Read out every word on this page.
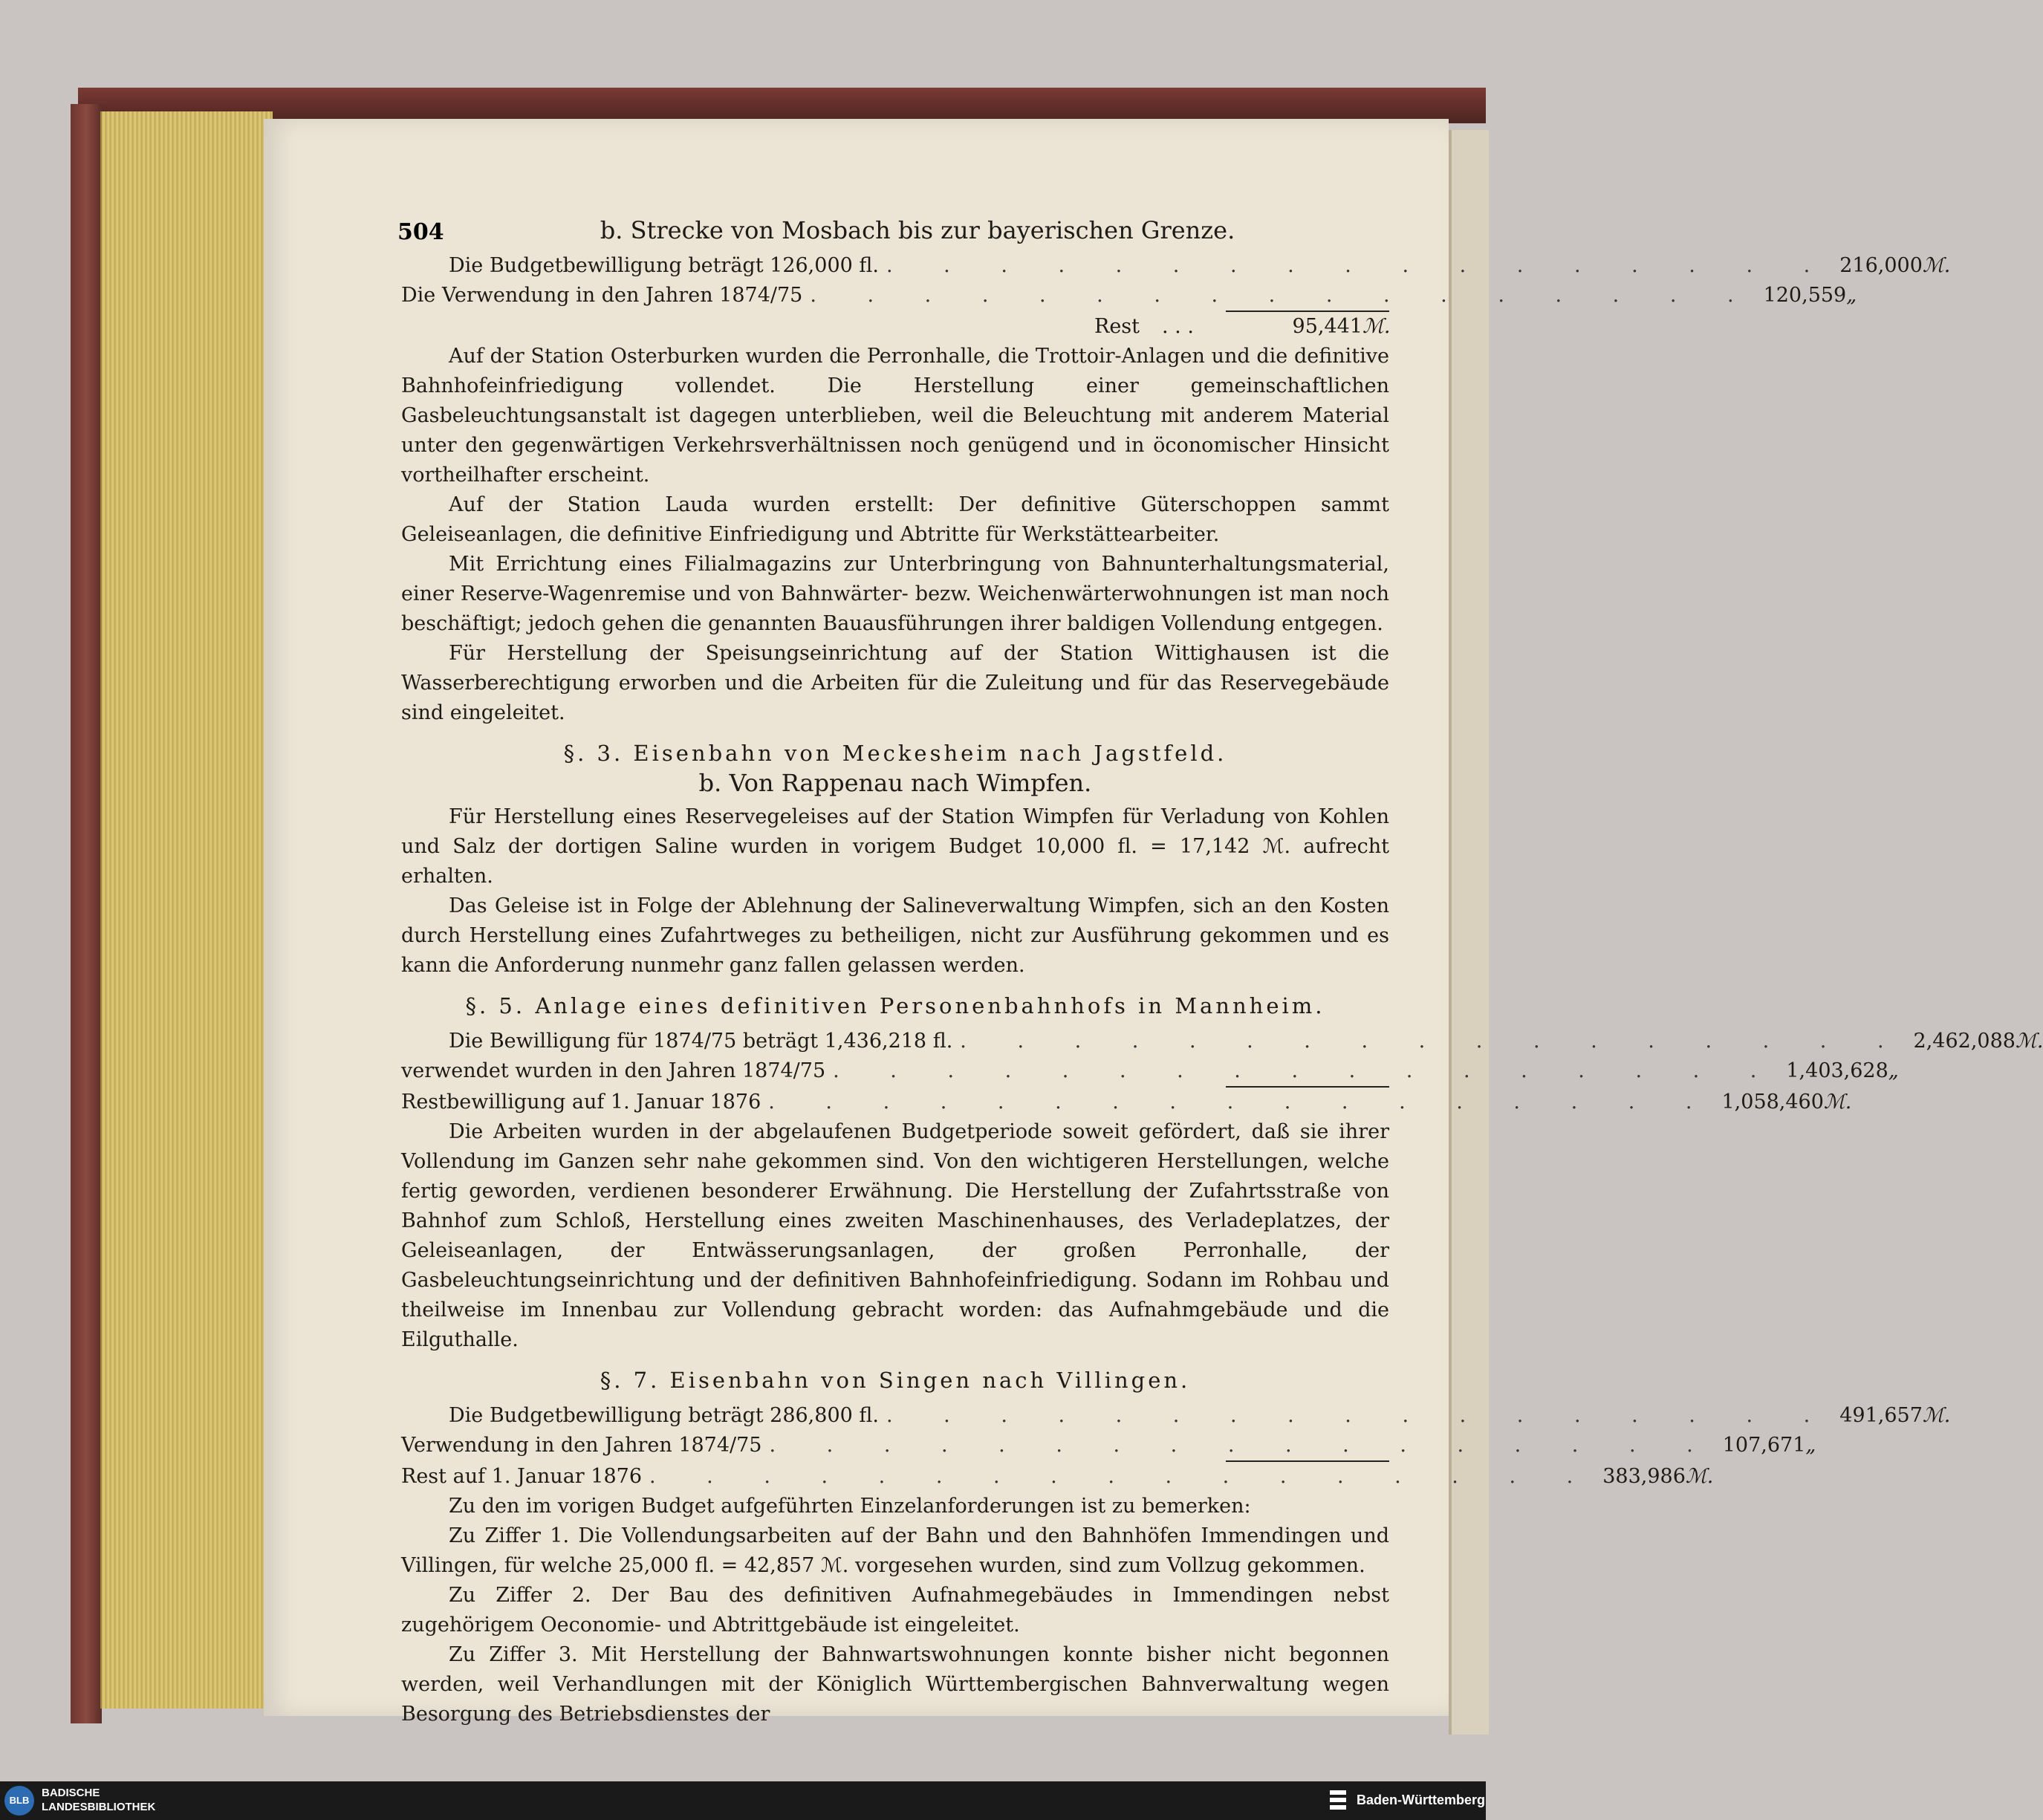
504	b. Strecke von Mosbach bis zur bayerischen Grenze.
Die Budgetbewilligung beträgt 126,000 fl. . . . . . . . . . . . . . . . . . 216,000 ℳ.
Die Verwendung in den Jahren 1874/75 . . . . . . . . . . . . . . . . . 120,559 „
Rest	. . .	95,441 ℳ.

Auf der Station Osterburken wurden die Perronhalle, die Trottoir-Anlagen und die definitive Bahnhofeinfriedigung vollendet. Die Herstellung einer gemeinschaftlichen Gasbeleuchtungsanstalt ist dagegen unterblieben, weil die Beleuchtung mit anderem Material unter den gegenwärtigen Verkehrsverhältnissen noch genügend und in öconomischer Hinsicht vortheilhafter erscheint.

Auf der Station Lauda wurden erstellt: Der definitive Güterschoppen sammt Geleiseanlagen, die definitive Einfriedigung und Abtritte für Werkstättearbeiter.

Mit Errichtung eines Filialmagazins zur Unterbringung von Bahnunterhaltungsmaterial, einer Reserve-Wagenremise und von Bahnwärter- bezw. Weichenwärterwohnungen ist man noch beschäftigt; jedoch gehen die genannten Bauausführungen ihrer baldigen Vollendung entgegen.

Für Herstellung der Speisungseinrichtung auf der Station Wittighausen ist die Wasserberechtigung erworben und die Arbeiten für die Zuleitung und für das Reservegebäude sind eingeleitet.

§. 3. Eisenbahn von Meckesheim nach Jagstfeld.
b. Von Rappenau nach Wimpfen.

Für Herstellung eines Reservegeleises auf der Station Wimpfen für Verladung von Kohlen und Salz der dortigen Saline wurden in vorigem Budget 10,000 fl. = 17,142 ℳ. aufrecht erhalten.

Das Geleise ist in Folge der Ablehnung der Salineverwaltung Wimpfen, sich an den Kosten durch Herstellung eines Zufahrtweges zu betheiligen, nicht zur Ausführung gekommen und es kann die Anforderung nunmehr ganz fallen gelassen werden.

§. 5. Anlage eines definitiven Personenbahnhofs in Mannheim.
Die Bewilligung für 1874/75 beträgt 1,436,218 fl. . . . . . . . . . . . . . . . . . 2,462,088 ℳ.
verwendet wurden in den Jahren 1874/75 . . . . . . . . . . . . . . . . . 1,403,628 „
Restbewilligung auf 1. Januar 1876 . . . . . . . . . . . . . . . . . 1,058,460 ℳ.

Die Arbeiten wurden in der abgelaufenen Budgetperiode soweit gefördert, daß sie ihrer Vollendung im Ganzen sehr nahe gekommen sind. Von den wichtigeren Herstellungen, welche fertig geworden, verdienen besonderer Erwähnung. Die Herstellung der Zufahrtsstraße von Bahnhof zum Schloß, Herstellung eines zweiten Maschinenhauses, des Verladeplatzes, der Geleiseanlagen, der Entwässerungsanlagen, der großen Perronhalle, der Gasbeleuchtungseinrichtung und der definitiven Bahnhofeinfriedigung. Sodann im Rohbau und theilweise im Innenbau zur Vollendung gebracht worden: das Aufnahmgebäude und die Eilguthalle.

§. 7. Eisenbahn von Singen nach Villingen.
Die Budgetbewilligung beträgt 286,800 fl. . . . . . . . . . . . . . . . . . 491,657 ℳ.
Verwendung in den Jahren 1874/75 . . . . . . . . . . . . . . . . . 107,671 „
Rest auf 1. Januar 1876 . . . . . . . . . . . . . . . . . 383,986 ℳ.

Zu den im vorigen Budget aufgeführten Einzelanforderungen ist zu bemerken:

Zu Ziffer 1. Die Vollendungsarbeiten auf der Bahn und den Bahnhöfen Immendingen und Villingen, für welche 25,000 fl. = 42,857 ℳ. vorgesehen wurden, sind zum Vollzug gekommen.

Zu Ziffer 2. Der Bau des definitiven Aufnahmegebäudes in Immendingen nebst zugehörigem Oeconomie- und Abtrittgebäude ist eingeleitet.

Zu Ziffer 3. Mit Herstellung der Bahnwartswohnungen konnte bisher nicht begonnen werden, weil Verhandlungen mit der Königlich Württembergischen Bahnverwaltung wegen Besorgung des Betriebsdienstes der

BLB
BADISCHE
LANDESBIBLIOTHEK	Baden-Württemberg
